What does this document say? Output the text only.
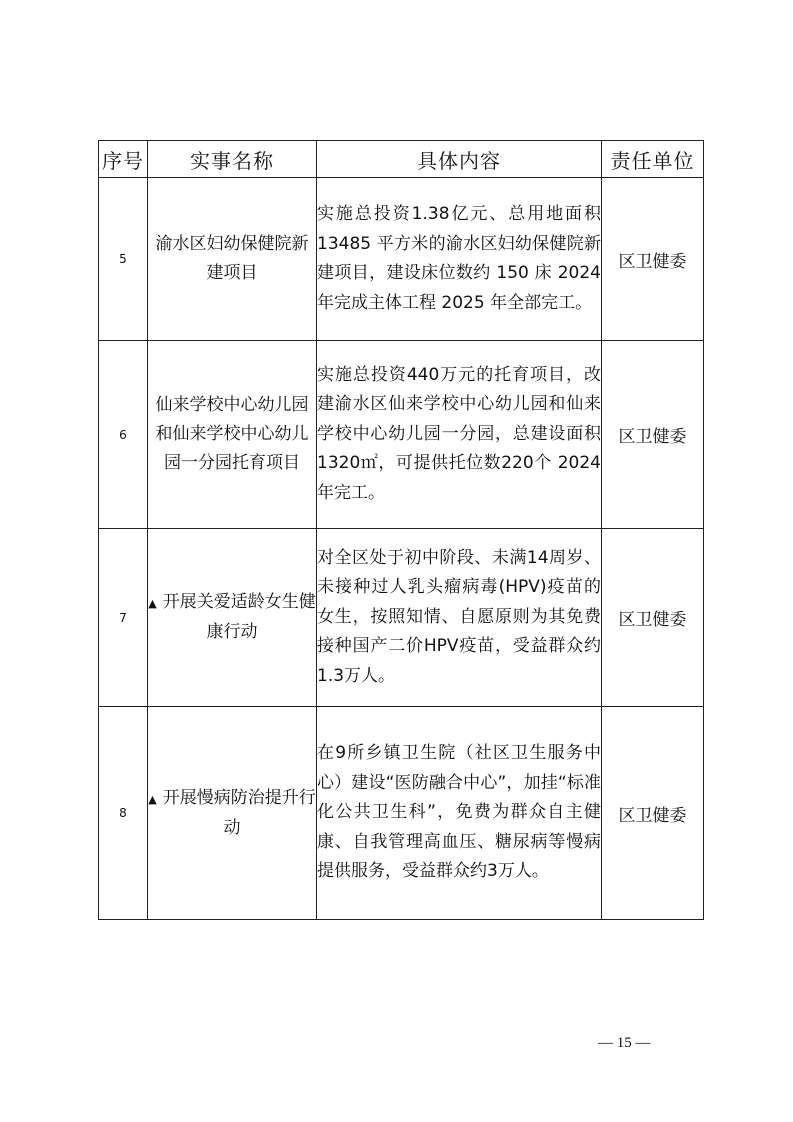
序号	实事名称	具体内容	责任单位
5	渝水区妇幼保健院新建项目	实施总投资1.38亿元、总用地面积 13485 平方米的渝水区妇幼保健院新建项目，建设床位数约 150 床 2024 年完成主体工程 2025 年全部完工。	区卫健委
6	仙来学校中心幼儿园和仙来学校中心幼儿园一分园托育项目	实施总投资440万元的托育项目，改建渝水区仙来学校中心幼儿园和仙来学校中心幼儿园一分园，总建设面积1320㎡，可提供托位数220个 2024年完工。	区卫健委
7	▲ 开展关爱适龄女生健康行动	对全区处于初中阶段、未满14周岁、未接种过人乳头瘤病毒(HPV)疫苗的女生，按照知情、自愿原则为其免费接种国产二价HPV疫苗，受益群众约1.3万人。	区卫健委
8	▲ 开展慢病防治提升行动	在9所乡镇卫生院（社区卫生服务中心）建设“医防融合中心”，加挂“标准化公共卫生科”，免费为群众自主健康、自我管理高血压、糖尿病等慢病提供服务，受益群众约3万人。	区卫健委
— 15 —
